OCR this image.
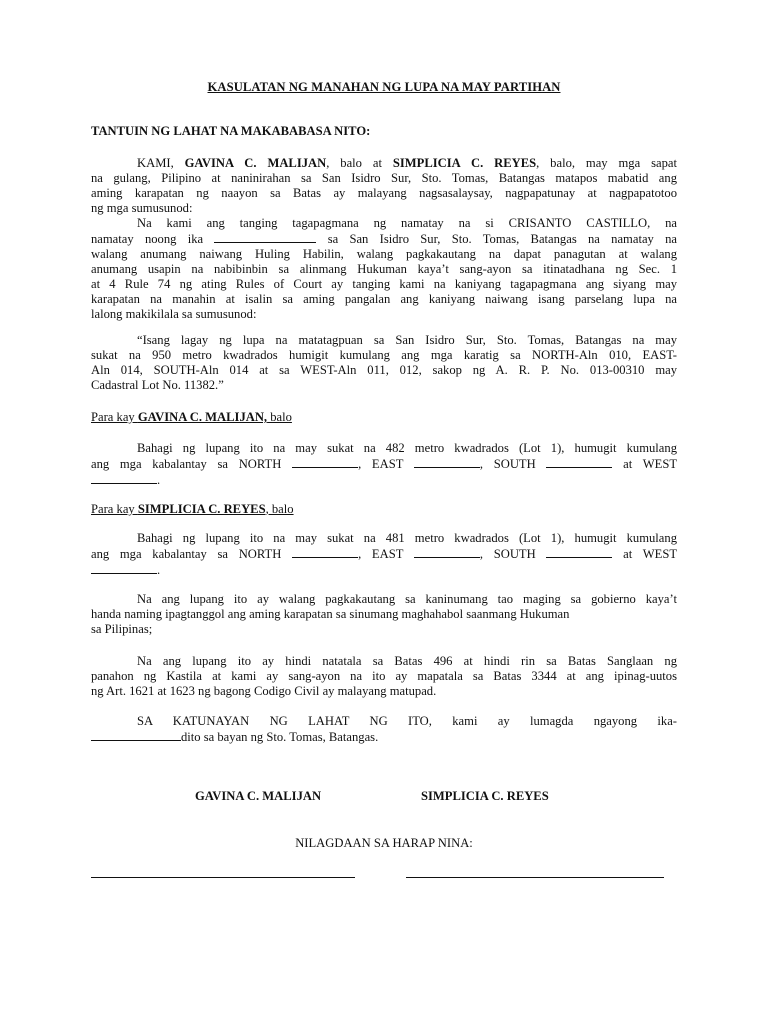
KASULATAN NG MANAHAN NG LUPA NA MAY PARTIHAN
TANTUIN NG LAHAT NA MAKABABASA NITO:
KAMI, GAVINA C. MALIJAN, balo at SIMPLICIA C. REYES, balo, may mga sapat
na gulang, Pilipino at naninirahan sa San Isidro Sur, Sto. Tomas, Batangas matapos mabatid ang
aming karapatan ng naayon sa Batas ay malayang nagsasalaysay, nagpapatunay at nagpapatotoo
ng mga sumusunod:
Na kami ang tanging tagapagmana ng namatay na si CRISANTO CASTILLO, na
namatay noong ika	sa San Isidro Sur, Sto. Tomas, Batangas na namatay na
walang anumang naiwang Huling Habilin, walang pagkakautang na dapat panagutan at walang
anumang usapin na nabibinbin sa alinmang Hukuman kaya’t sang-ayon sa itinatadhana ng Sec. 1
at 4 Rule 74 ng ating Rules of Court ay tanging kami na kaniyang tagapagmana ang siyang may
karapatan na manahin at isalin sa aming pangalan ang kaniyang naiwang isang parselang lupa na
lalong makikilala sa sumusunod:
“Isang lagay ng lupa na matatagpuan sa San Isidro Sur, Sto. Tomas, Batangas na may
sukat na 950 metro kwadrados humigit kumulang ang mga karatig sa NORTH-Aln 010, EAST-
Aln 014, SOUTH-Aln 014 at sa WEST-Aln 011, 012, sakop ng A. R. P. No. 013-00310 may
Cadastral Lot No. 11382.”
Para kay GAVINA C. MALIJAN, balo
Bahagi ng lupang ito na may sukat na 482 metro kwadrados (Lot 1), humugit kumulang
ang mga kabalantay sa NORTH	, EAST	, SOUTH	at WEST
.
Para kay SIMPLICIA C. REYES, balo
Bahagi ng lupang ito na may sukat na 481 metro kwadrados (Lot 1), humugit kumulang
ang mga kabalantay sa NORTH	, EAST	, SOUTH	at WEST
.
Na ang lupang ito ay walang pagkakautang sa kaninumang tao maging sa gobierno kaya’t
handa naming ipagtanggol ang aming karapatan sa sinumang maghahabol saanmang Hukuman
sa Pilipinas;
Na ang lupang ito ay hindi natatala sa Batas 496 at hindi rin sa Batas Sanglaan ng
panahon ng Kastila at kami ay sang-ayon na ito ay mapatala sa Batas 3344 at ang ipinag-uutos
ng Art. 1621 at 1623 ng bagong Codigo Civil ay malayang matupad.
SA KATUNAYAN NG LAHAT NG ITO, kami ay lumagda ngayong ika-
dito sa bayan ng Sto. Tomas, Batangas.
GAVINA C. MALIJAN	SIMPLICIA C. REYES
NILAGDAAN SA HARAP NINA:
